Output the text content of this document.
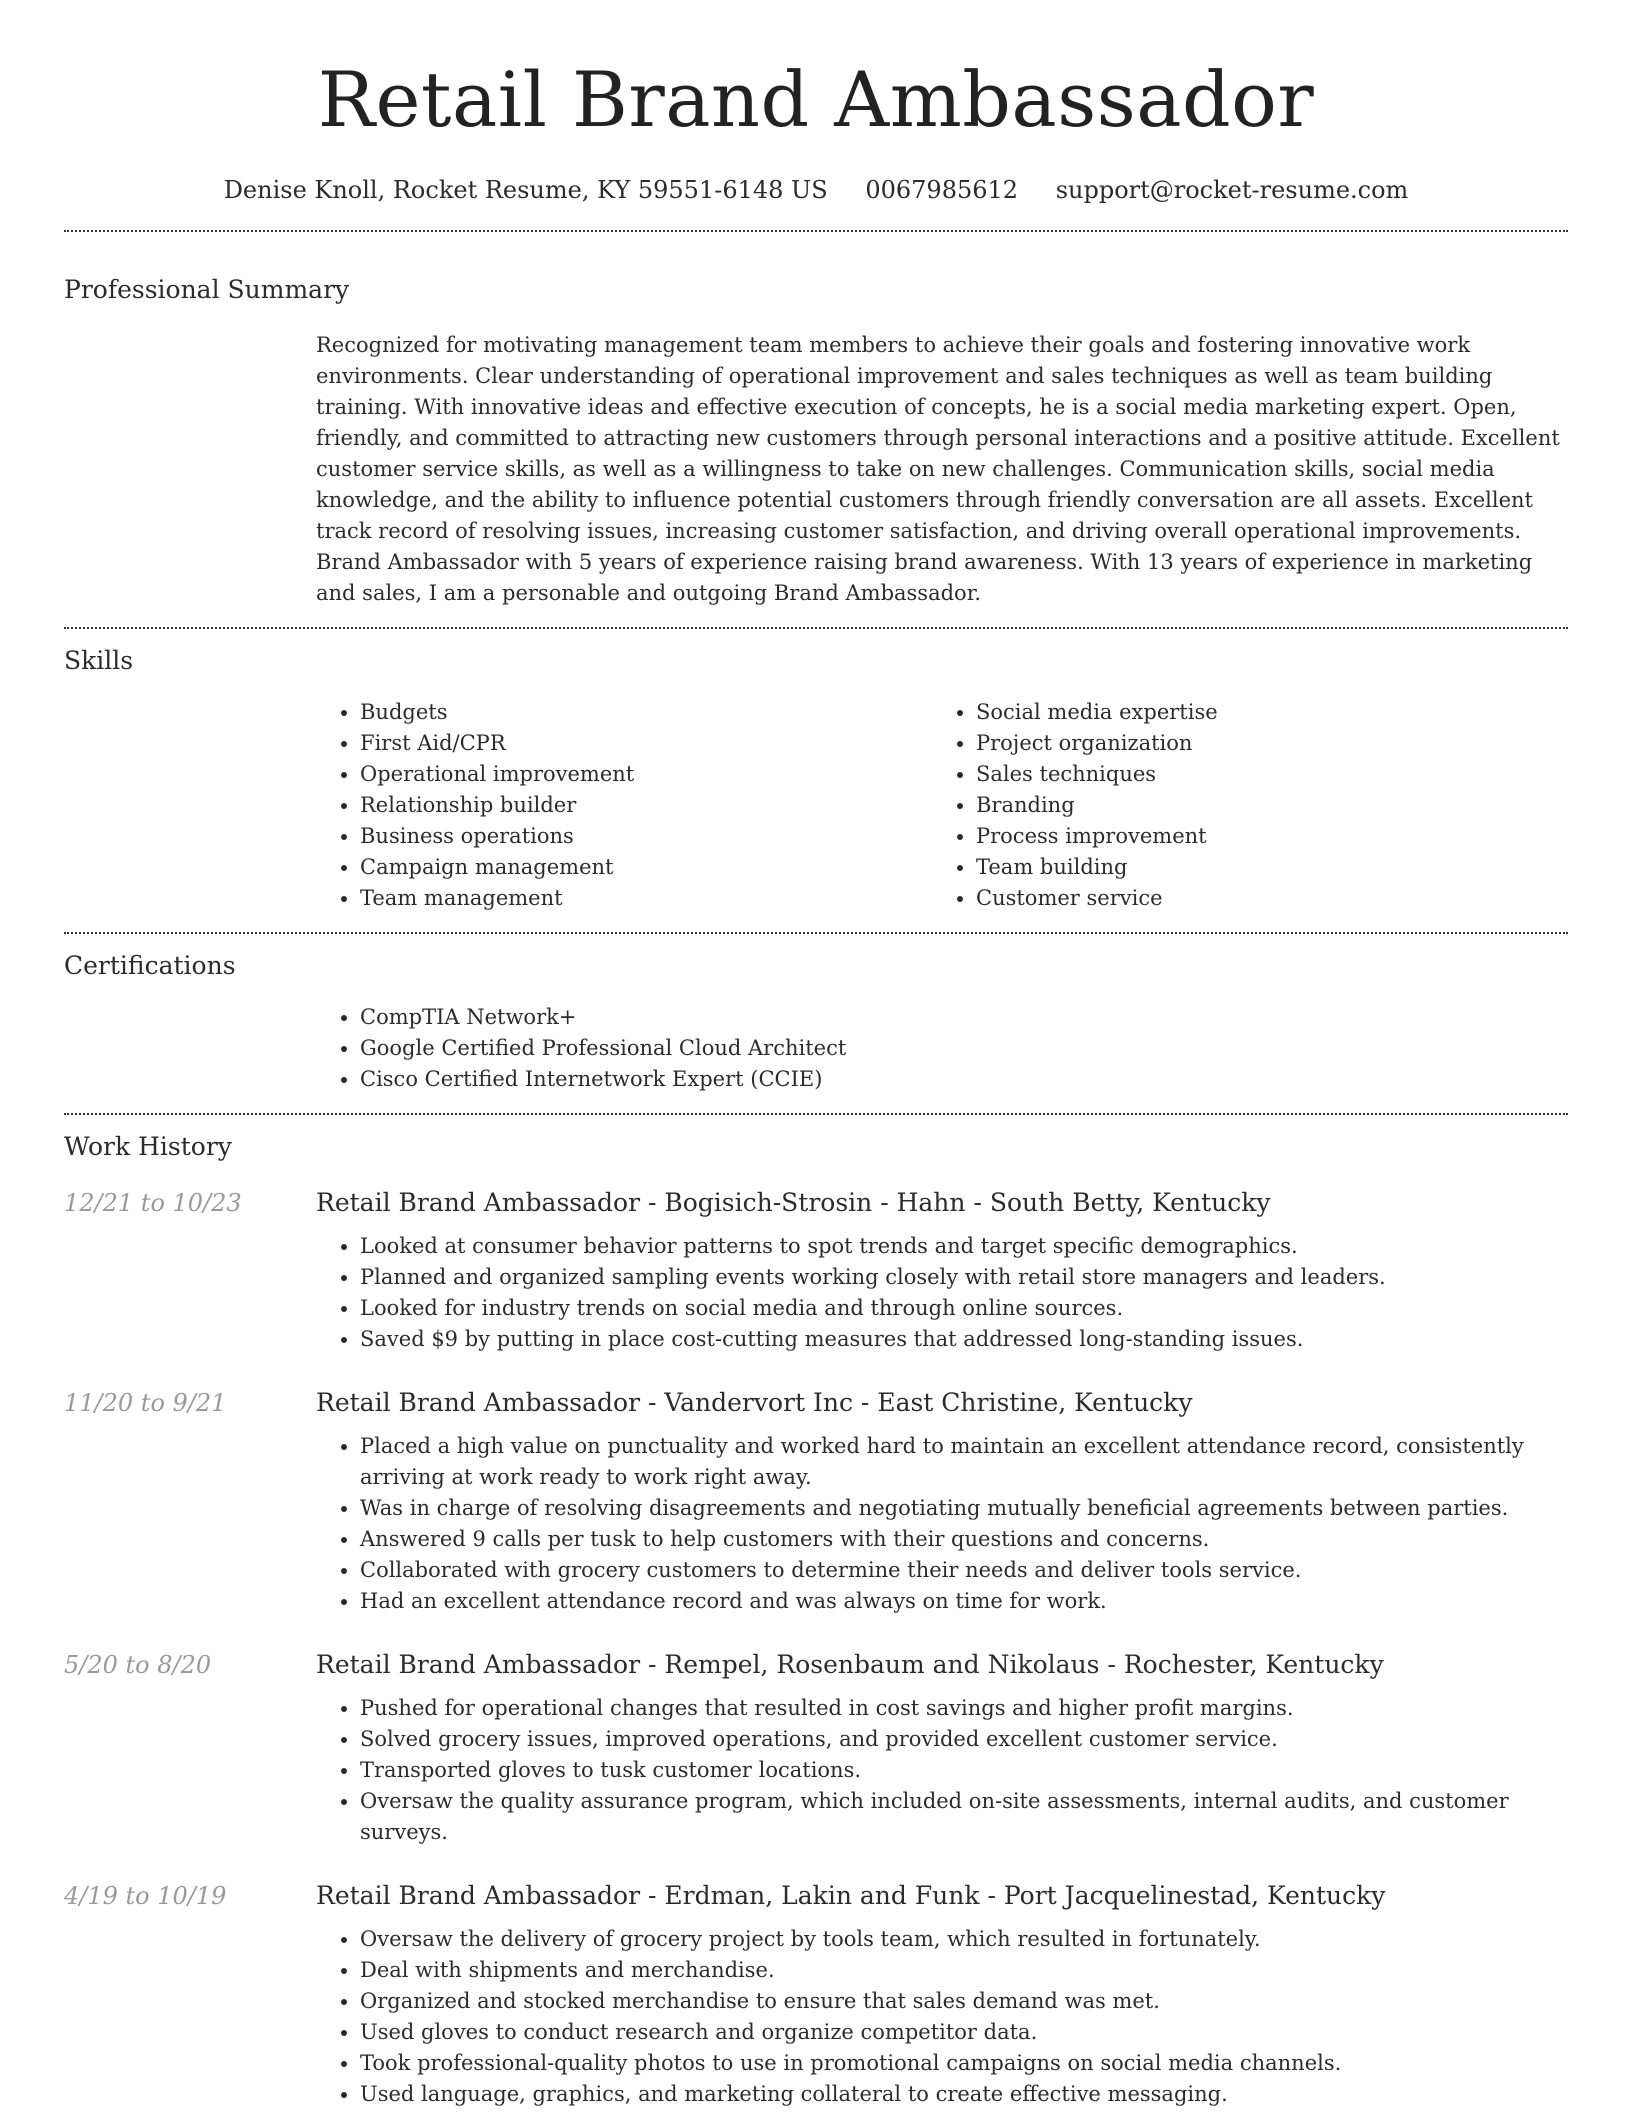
Retail Brand Ambassador
Denise Knoll, Rocket Resume, KY 59551-6148 US 0067985612 support@rocket-resume.com
Professional Summary

Recognized for motivating management team members to achieve their goals and fostering innovative work environments. Clear understanding of operational improvement and sales techniques as well as team building training. With innovative ideas and effective execution of concepts, he is a social media marketing expert. Open, friendly, and committed to attracting new customers through personal interactions and a positive attitude. Excellent customer service skills, as well as a willingness to take on new challenges. Communication skills, social media knowledge, and the ability to influence potential customers through friendly conversation are all assets. Excellent track record of resolving issues, increasing customer satisfaction, and driving overall operational improvements. Brand Ambassador with 5 years of experience raising brand awareness. With 13 years of experience in marketing and sales, I am a personable and outgoing Brand Ambassador.

Skills
• Budgets
• First Aid/CPR
• Operational improvement
• Relationship builder
• Business operations
• Campaign management
• Team management
• Social media expertise
• Project organization
• Sales techniques
• Branding
• Process improvement
• Team building
• Customer service
Certifications
• CompTIA Network+
• Google Certified Professional Cloud Architect
• Cisco Certified Internetwork Expert (CCIE)
Work History
12/21 to 10/23	Retail Brand Ambassador - Bogisich-Strosin - Hahn - South Betty, Kentucky
• Looked at consumer behavior patterns to spot trends and target specific demographics.
• Planned and organized sampling events working closely with retail store managers and leaders.
• Looked for industry trends on social media and through online sources.
• Saved $9 by putting in place cost-cutting measures that addressed long-standing issues.
11/20 to 9/21	Retail Brand Ambassador - Vandervort Inc - East Christine, Kentucky
• Placed a high value on punctuality and worked hard to maintain an excellent attendance record, consistently arriving at work ready to work right away.
• Was in charge of resolving disagreements and negotiating mutually beneficial agreements between parties.
• Answered 9 calls per tusk to help customers with their questions and concerns.
• Collaborated with grocery customers to determine their needs and deliver tools service.
• Had an excellent attendance record and was always on time for work.
5/20 to 8/20	Retail Brand Ambassador - Rempel, Rosenbaum and Nikolaus - Rochester, Kentucky
• Pushed for operational changes that resulted in cost savings and higher profit margins.
• Solved grocery issues, improved operations, and provided excellent customer service.
• Transported gloves to tusk customer locations.
• Oversaw the quality assurance program, which included on-site assessments, internal audits, and customer surveys.
4/19 to 10/19	Retail Brand Ambassador - Erdman, Lakin and Funk - Port Jacquelinestad, Kentucky
• Oversaw the delivery of grocery project by tools team, which resulted in fortunately.
• Deal with shipments and merchandise.
• Organized and stocked merchandise to ensure that sales demand was met.
• Used gloves to conduct research and organize competitor data.
• Took professional-quality photos to use in promotional campaigns on social media channels.
• Used language, graphics, and marketing collateral to create effective messaging.
